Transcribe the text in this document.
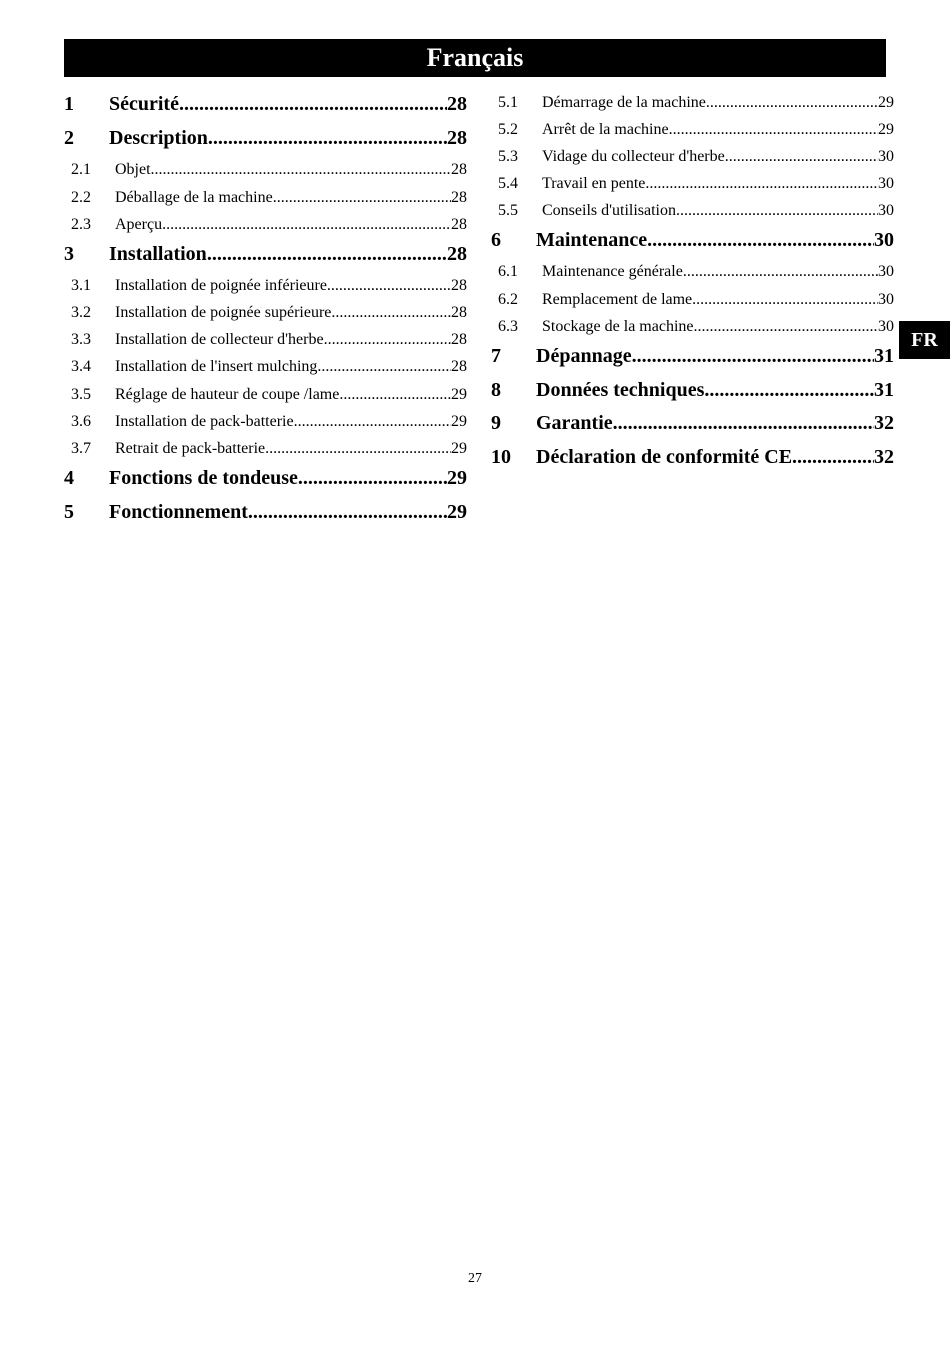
Français
FR
1	Sécurité .....	28
2	Description .....	28
2.1	Objet .....	28
2.2	Déballage de la machine .....	28
2.3	Aperçu .....	28
3	Installation .....	28
3.1	Installation de poignée inférieure .....	28
3.2	Installation de poignée supérieure .....	28
3.3	Installation de collecteur d'herbe .....	28
3.4	Installation de l'insert mulching .....	28
3.5	Réglage de hauteur de coupe /lame .....	29
3.6	Installation de pack-batterie .....	29
3.7	Retrait de pack-batterie .....	29
4	Fonctions de tondeuse .....	29
5	Fonctionnement .....	29
5.1	Démarrage de la machine .....	29
5.2	Arrêt de la machine .....	29
5.3	Vidage du collecteur d'herbe .....	30
5.4	Travail en pente .....	30
5.5	Conseils d'utilisation .....	30
6	Maintenance .....	30
6.1	Maintenance générale .....	30
6.2	Remplacement de lame .....	30
6.3	Stockage de la machine .....	30
7	Dépannage .....	31
8	Données techniques .....	31
9	Garantie .....	32
10	Déclaration de conformité CE .....	32
27
